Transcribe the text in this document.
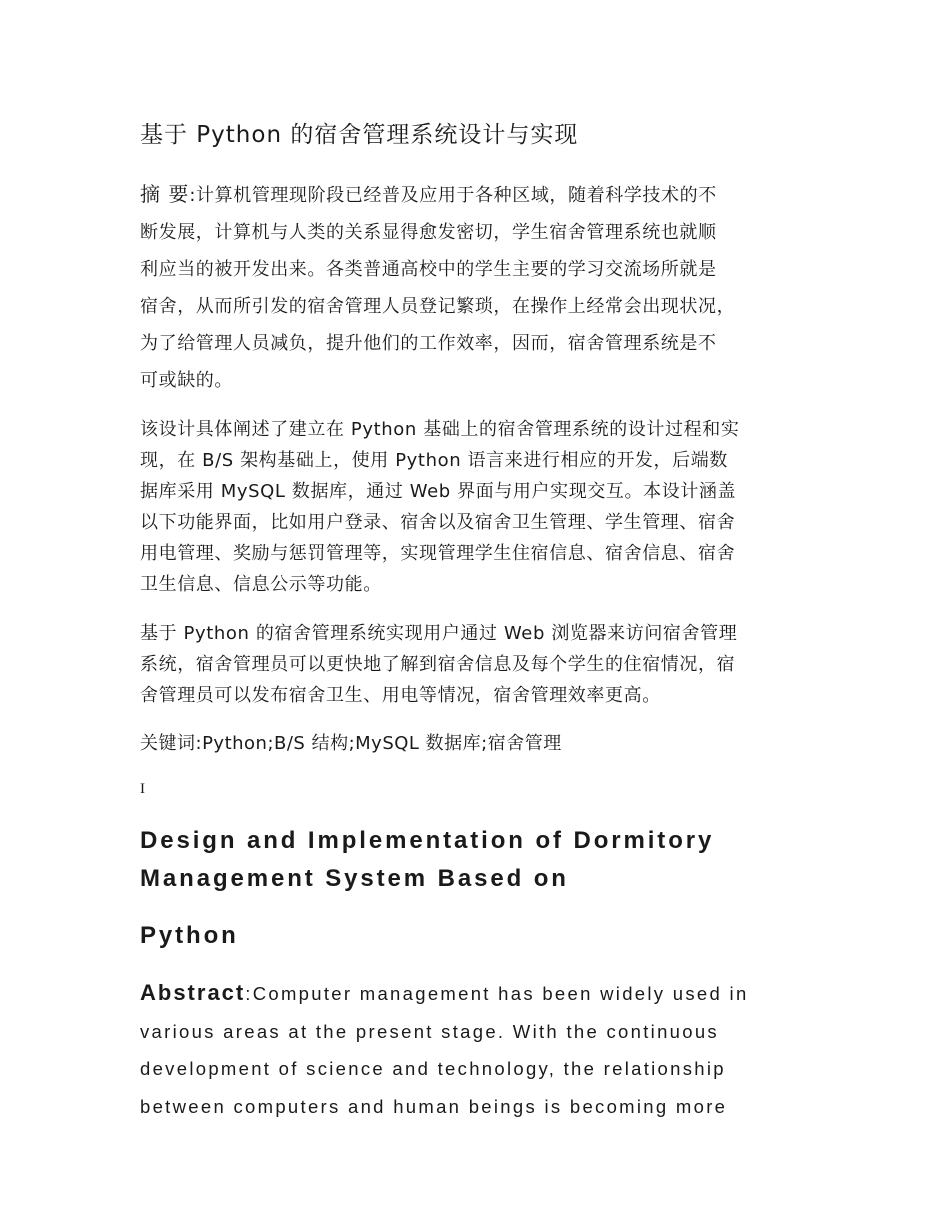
基于 Python 的宿舍管理系统设计与实现
摘 要:计算机管理现阶段已经普及应用于各种区域，随着科学技术的不
断发展，计算机与人类的关系显得愈发密切，学生宿舍管理系统也就顺
利应当的被开发出来。各类普通高校中的学生主要的学习交流场所就是
宿舍，从而所引发的宿舍管理人员登记繁琐，在操作上经常会出现状况，
为了给管理人员减负，提升他们的工作效率，因而，宿舍管理系统是不
可或缺的。
该设计具体阐述了建立在 Python 基础上的宿舍管理系统的设计过程和实
现，在 B/S 架构基础上，使用 Python 语言来进行相应的开发，后端数
据库采用 MySQL 数据库，通过 Web 界面与用户实现交互。本设计涵盖
以下功能界面，比如用户登录、宿舍以及宿舍卫生管理、学生管理、宿舍
用电管理、奖励与惩罚管理等，实现管理学生住宿信息、宿舍信息、宿舍
卫生信息、信息公示等功能。
基于 Python 的宿舍管理系统实现用户通过 Web 浏览器来访问宿舍管理
系统，宿舍管理员可以更快地了解到宿舍信息及每个学生的住宿情况，宿
舍管理员可以发布宿舍卫生、用电等情况，宿舍管理效率更高。
关键词:Python;B/S 结构;MySQL 数据库;宿舍管理
I
Design and Implementation of Dormitory
Management System Based on
Python
Abstract:Computer management has been widely used in
various areas at the present stage. With the continuous
development of science and technology, the relationship
between computers and human beings is becoming more
